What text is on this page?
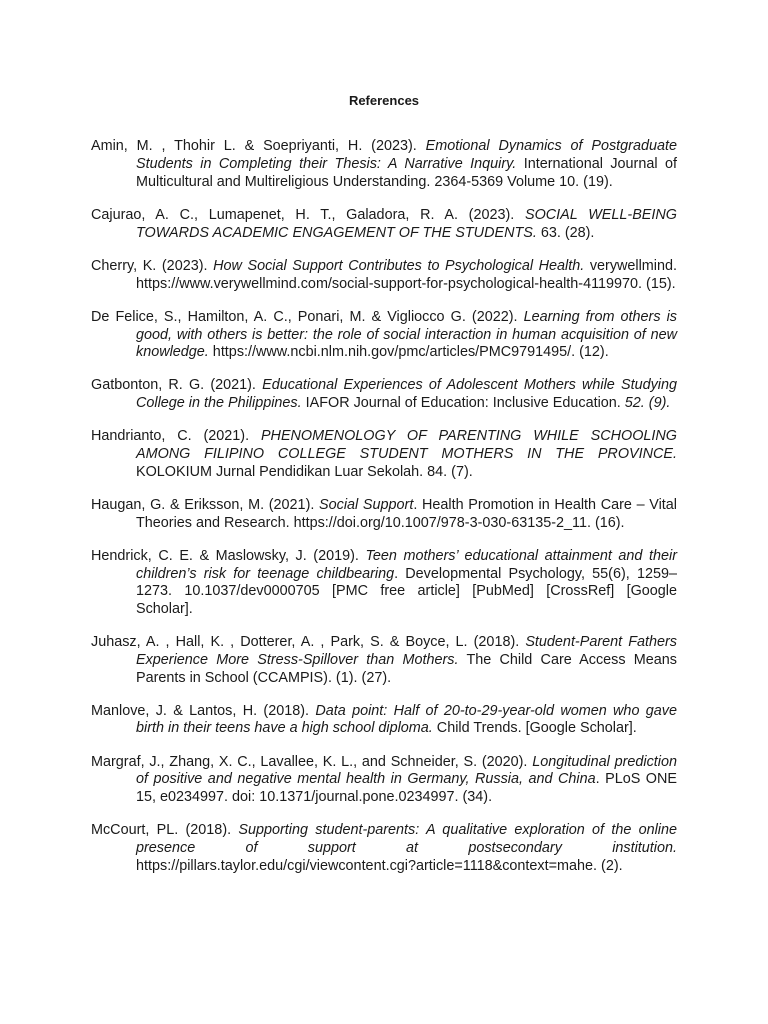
References

Amin, M. , Thohir L. & Soepriyanti, H. (2023). Emotional Dynamics of Postgraduate Students in Completing their Thesis: A Narrative Inquiry. International Journal of Multicultural and Multireligious Understanding. 2364-5369 Volume 10. (19).

Cajurao, A. C., Lumapenet, H. T., Galadora, R. A. (2023). SOCIAL WELL-BEING TOWARDS ACADEMIC ENGAGEMENT OF THE STUDENTS. 63. (28).

Cherry, K. (2023). How Social Support Contributes to Psychological Health. verywellmind. https://www.verywellmind.com/social-support-for-psychological-health-4119970. (15).

De Felice, S., Hamilton, A. C., Ponari, M. & Vigliocco G. (2022). Learning from others is good, with others is better: the role of social interaction in human acquisition of new knowledge. https://www.ncbi.nlm.nih.gov/pmc/articles/PMC9791495/. (12).

Gatbonton, R. G. (2021). Educational Experiences of Adolescent Mothers while Studying College in the Philippines. IAFOR Journal of Education: Inclusive Education. 52. (9).

Handrianto, C. (2021). PHENOMENOLOGY OF PARENTING WHILE SCHOOLING AMONG FILIPINO COLLEGE STUDENT MOTHERS IN THE PROVINCE. KOLOKIUM Jurnal Pendidikan Luar Sekolah. 84. (7).

Haugan, G. & Eriksson, M. (2021). Social Support. Health Promotion in Health Care – Vital Theories and Research. https://doi.org/10.1007/978-3-030-63135-2_11. (16).

Hendrick, C. E. & Maslowsky, J. (2019). Teen mothers’ educational attainment and their children’s risk for teenage childbearing. Developmental Psychology, 55(6), 1259–1273. 10.1037/dev0000705 [PMC free article] [PubMed] [CrossRef] [Google Scholar].

Juhasz, A. , Hall, K. , Dotterer, A. , Park, S. & Boyce, L. (2018). Student-Parent Fathers Experience More Stress-Spillover than Mothers. The Child Care Access Means Parents in School (CCAMPIS). (1). (27).

Manlove, J. & Lantos, H. (2018). Data point: Half of 20-to-29-year-old women who gave birth in their teens have a high school diploma. Child Trends. [Google Scholar].

Margraf, J., Zhang, X. C., Lavallee, K. L., and Schneider, S. (2020). Longitudinal prediction of positive and negative mental health in Germany, Russia, and China. PLoS ONE 15, e0234997. doi: 10.1371/journal.pone.0234997. (34).

McCourt, PL. (2018). Supporting student-parents: A qualitative exploration of the online presence of support at postsecondary institution. https://pillars.taylor.edu/cgi/viewcontent.cgi?article=1118&context=mahe. (2).
